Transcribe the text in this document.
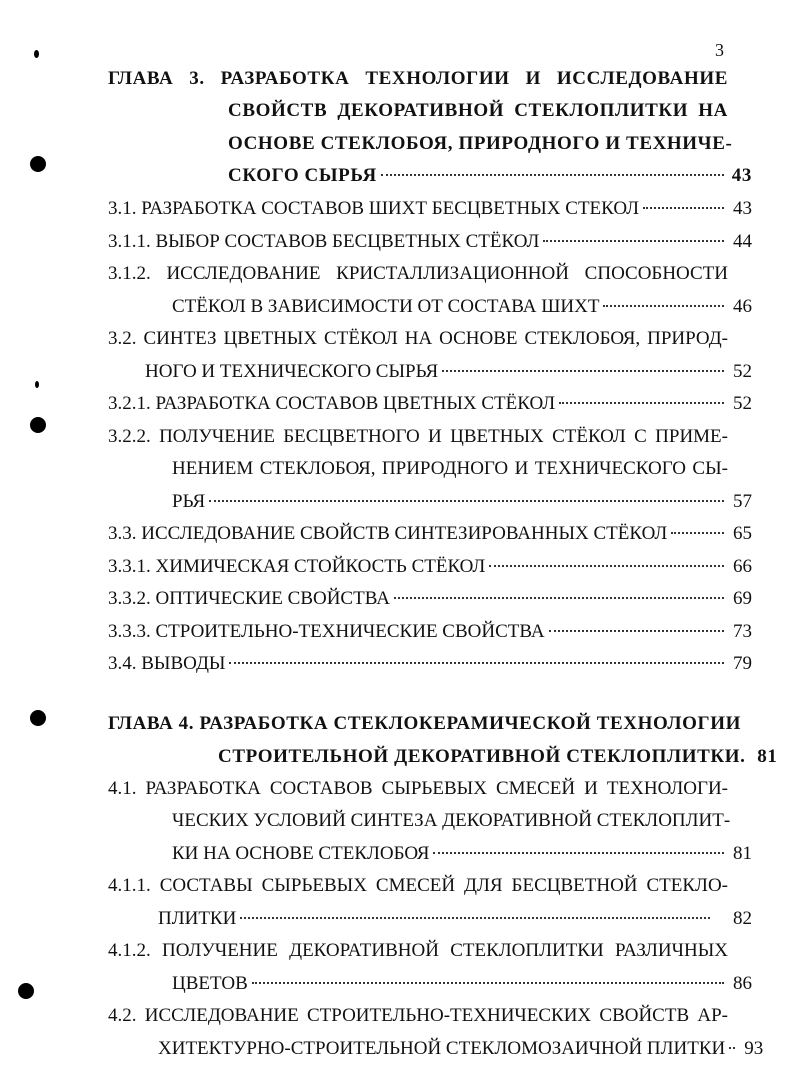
3
ГЛАВА 3. РАЗРАБОТКА ТЕХНОЛОГИИ И ИССЛЕДОВАНИЕ
СВОЙСТВ ДЕКОРАТИВНОЙ СТЕКЛОПЛИТКИ НА
ОСНОВЕ СТЕКЛОБОЯ, ПРИРОДНОГО И ТЕХНИЧЕ-
СКОГО СЫРЬЯ	43
3.1. РАЗРАБОТКА СОСТАВОВ ШИХТ БЕСЦВЕТНЫХ СТЕКОЛ	43
3.1.1. ВЫБОР СОСТАВОВ БЕСЦВЕТНЫХ СТЁКОЛ	44
3.1.2. ИССЛЕДОВАНИЕ КРИСТАЛЛИЗАЦИОННОЙ СПОСОБНОСТИ
СТЁКОЛ В ЗАВИСИМОСТИ ОТ СОСТАВА ШИХТ	46
3.2. СИНТЕЗ ЦВЕТНЫХ СТЁКОЛ НА ОСНОВЕ СТЕКЛОБОЯ, ПРИРОД-
НОГО И ТЕХНИЧЕСКОГО СЫРЬЯ	52
3.2.1. РАЗРАБОТКА СОСТАВОВ ЦВЕТНЫХ СТЁКОЛ	52
3.2.2. ПОЛУЧЕНИЕ БЕСЦВЕТНОГО И ЦВЕТНЫХ СТЁКОЛ С ПРИМЕ-
НЕНИЕМ СТЕКЛОБОЯ, ПРИРОДНОГО И ТЕХНИЧЕСКОГО СЫ-
РЬЯ	57
3.3. ИССЛЕДОВАНИЕ СВОЙСТВ СИНТЕЗИРОВАННЫХ СТЁКОЛ	65
3.3.1. ХИМИЧЕСКАЯ СТОЙКОСТЬ СТЁКОЛ	66
3.3.2. ОПТИЧЕСКИЕ СВОЙСТВА	69
3.3.3. СТРОИТЕЛЬНО-ТЕХНИЧЕСКИЕ СВОЙСТВА	73
3.4. ВЫВОДЫ	79
ГЛАВА 4. РАЗРАБОТКА СТЕКЛОКЕРАМИЧЕСКОЙ ТЕХНОЛОГИИ
СТРОИТЕЛЬНОЙ ДЕКОРАТИВНОЙ СТЕКЛОПЛИТКИ. 81
4.1. РАЗРАБОТКА СОСТАВОВ СЫРЬЕВЫХ СМЕСЕЙ И ТЕХНОЛОГИ-
ЧЕСКИХ УСЛОВИЙ СИНТЕЗА ДЕКОРАТИВНОЙ СТЕКЛОПЛИТ-
КИ НА ОСНОВЕ СТЕКЛОБОЯ	81
4.1.1. СОСТАВЫ СЫРЬЕВЫХ СМЕСЕЙ ДЛЯ БЕСЦВЕТНОЙ СТЕКЛО-
ПЛИТКИ	82
4.1.2. ПОЛУЧЕНИЕ ДЕКОРАТИВНОЙ СТЕКЛОПЛИТКИ РАЗЛИЧНЫХ
ЦВЕТОВ	86
4.2. ИССЛЕДОВАНИЕ СТРОИТЕЛЬНО-ТЕХНИЧЕСКИХ СВОЙСТВ АР-
ХИТЕКТУРНО-СТРОИТЕЛЬНОЙ СТЕКЛОМОЗАИЧНОЙ ПЛИТКИ 93
